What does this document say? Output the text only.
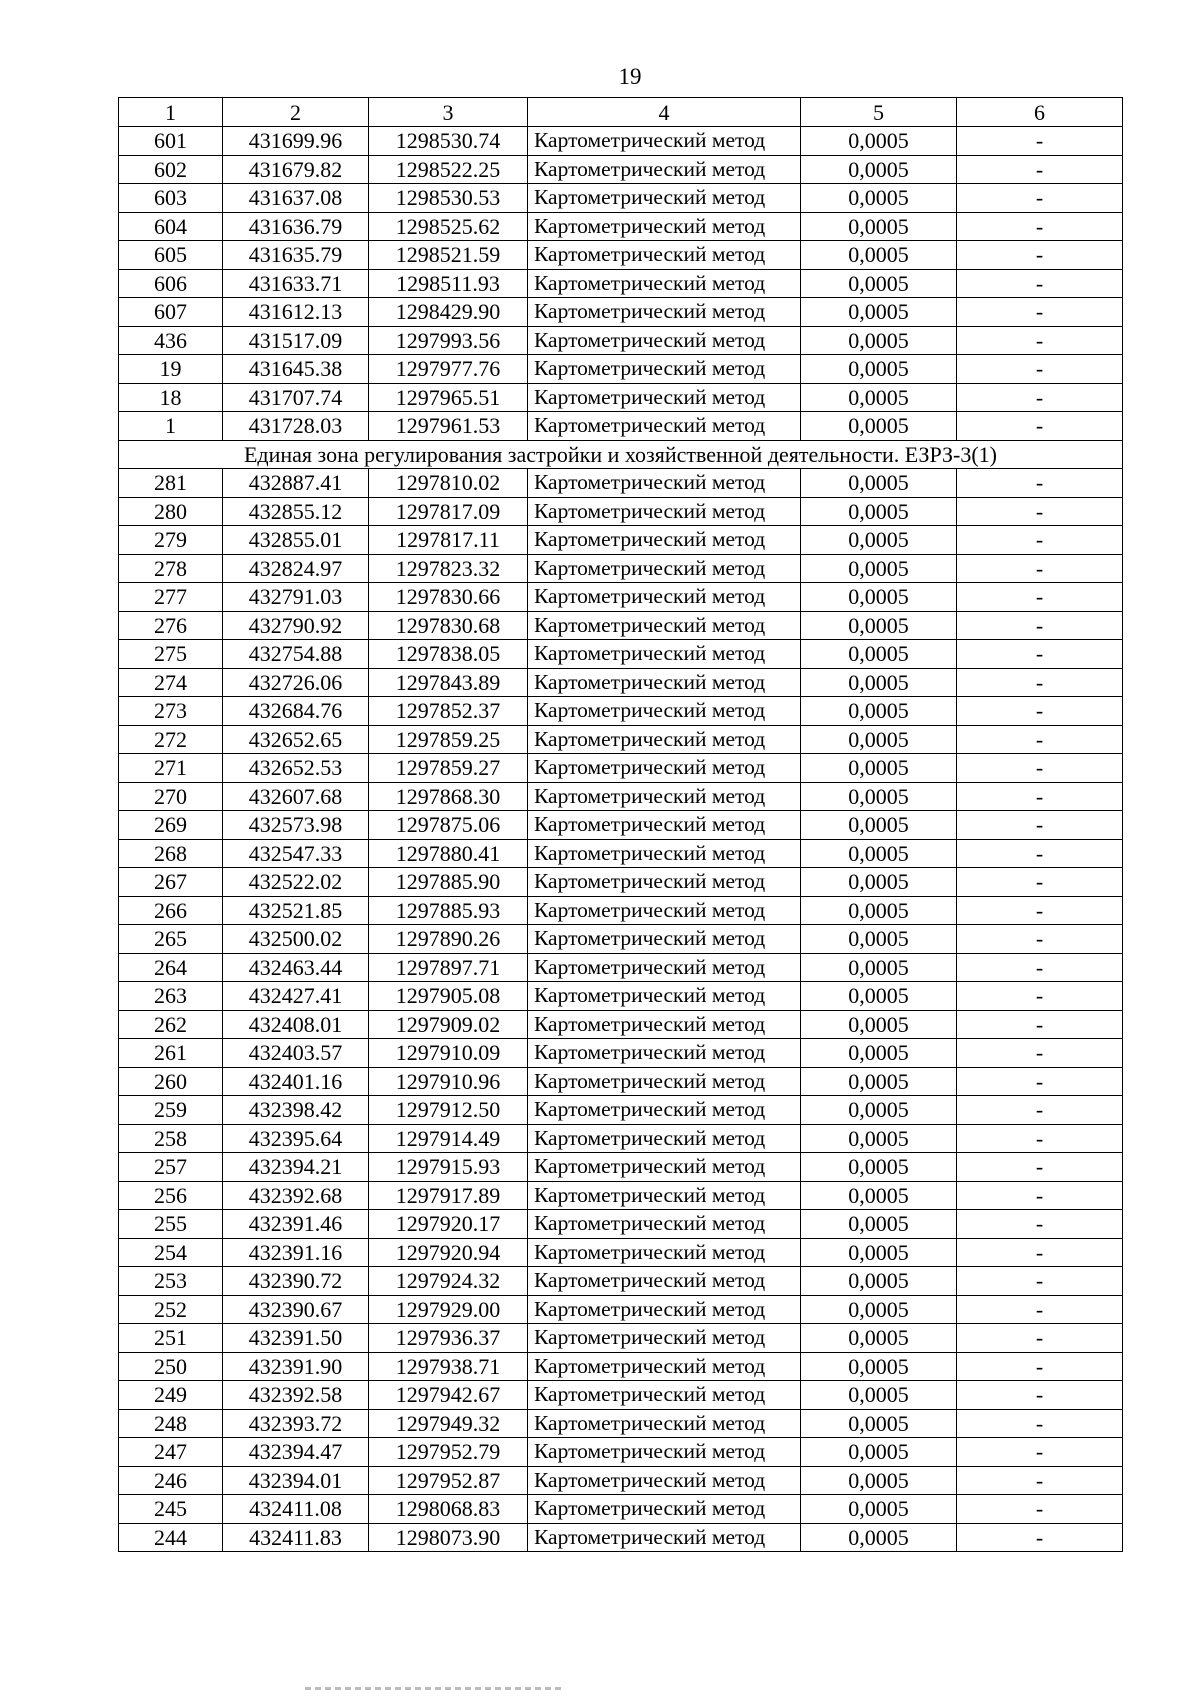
19
1	2	3	4	5	6
601	431699.96	1298530.74	Картометрический метод	0,0005	-
602	431679.82	1298522.25	Картометрический метод	0,0005	-
603	431637.08	1298530.53	Картометрический метод	0,0005	-
604	431636.79	1298525.62	Картометрический метод	0,0005	-
605	431635.79	1298521.59	Картометрический метод	0,0005	-
606	431633.71	1298511.93	Картометрический метод	0,0005	-
607	431612.13	1298429.90	Картометрический метод	0,0005	-
436	431517.09	1297993.56	Картометрический метод	0,0005	-
19	431645.38	1297977.76	Картометрический метод	0,0005	-
18	431707.74	1297965.51	Картометрический метод	0,0005	-
1	431728.03	1297961.53	Картометрический метод	0,0005	-
Единая зона регулирования застройки и хозяйственной деятельности. ЕЗРЗ-3(1)					
281	432887.41	1297810.02	Картометрический метод	0,0005	-
280	432855.12	1297817.09	Картометрический метод	0,0005	-
279	432855.01	1297817.11	Картометрический метод	0,0005	-
278	432824.97	1297823.32	Картометрический метод	0,0005	-
277	432791.03	1297830.66	Картометрический метод	0,0005	-
276	432790.92	1297830.68	Картометрический метод	0,0005	-
275	432754.88	1297838.05	Картометрический метод	0,0005	-
274	432726.06	1297843.89	Картометрический метод	0,0005	-
273	432684.76	1297852.37	Картометрический метод	0,0005	-
272	432652.65	1297859.25	Картометрический метод	0,0005	-
271	432652.53	1297859.27	Картометрический метод	0,0005	-
270	432607.68	1297868.30	Картометрический метод	0,0005	-
269	432573.98	1297875.06	Картометрический метод	0,0005	-
268	432547.33	1297880.41	Картометрический метод	0,0005	-
267	432522.02	1297885.90	Картометрический метод	0,0005	-
266	432521.85	1297885.93	Картометрический метод	0,0005	-
265	432500.02	1297890.26	Картометрический метод	0,0005	-
264	432463.44	1297897.71	Картометрический метод	0,0005	-
263	432427.41	1297905.08	Картометрический метод	0,0005	-
262	432408.01	1297909.02	Картометрический метод	0,0005	-
261	432403.57	1297910.09	Картометрический метод	0,0005	-
260	432401.16	1297910.96	Картометрический метод	0,0005	-
259	432398.42	1297912.50	Картометрический метод	0,0005	-
258	432395.64	1297914.49	Картометрический метод	0,0005	-
257	432394.21	1297915.93	Картометрический метод	0,0005	-
256	432392.68	1297917.89	Картометрический метод	0,0005	-
255	432391.46	1297920.17	Картометрический метод	0,0005	-
254	432391.16	1297920.94	Картометрический метод	0,0005	-
253	432390.72	1297924.32	Картометрический метод	0,0005	-
252	432390.67	1297929.00	Картометрический метод	0,0005	-
251	432391.50	1297936.37	Картометрический метод	0,0005	-
250	432391.90	1297938.71	Картометрический метод	0,0005	-
249	432392.58	1297942.67	Картометрический метод	0,0005	-
248	432393.72	1297949.32	Картометрический метод	0,0005	-
247	432394.47	1297952.79	Картометрический метод	0,0005	-
246	432394.01	1297952.87	Картометрический метод	0,0005	-
245	432411.08	1298068.83	Картометрический метод	0,0005	-
244	432411.83	1298073.90	Картометрический метод	0,0005	-
